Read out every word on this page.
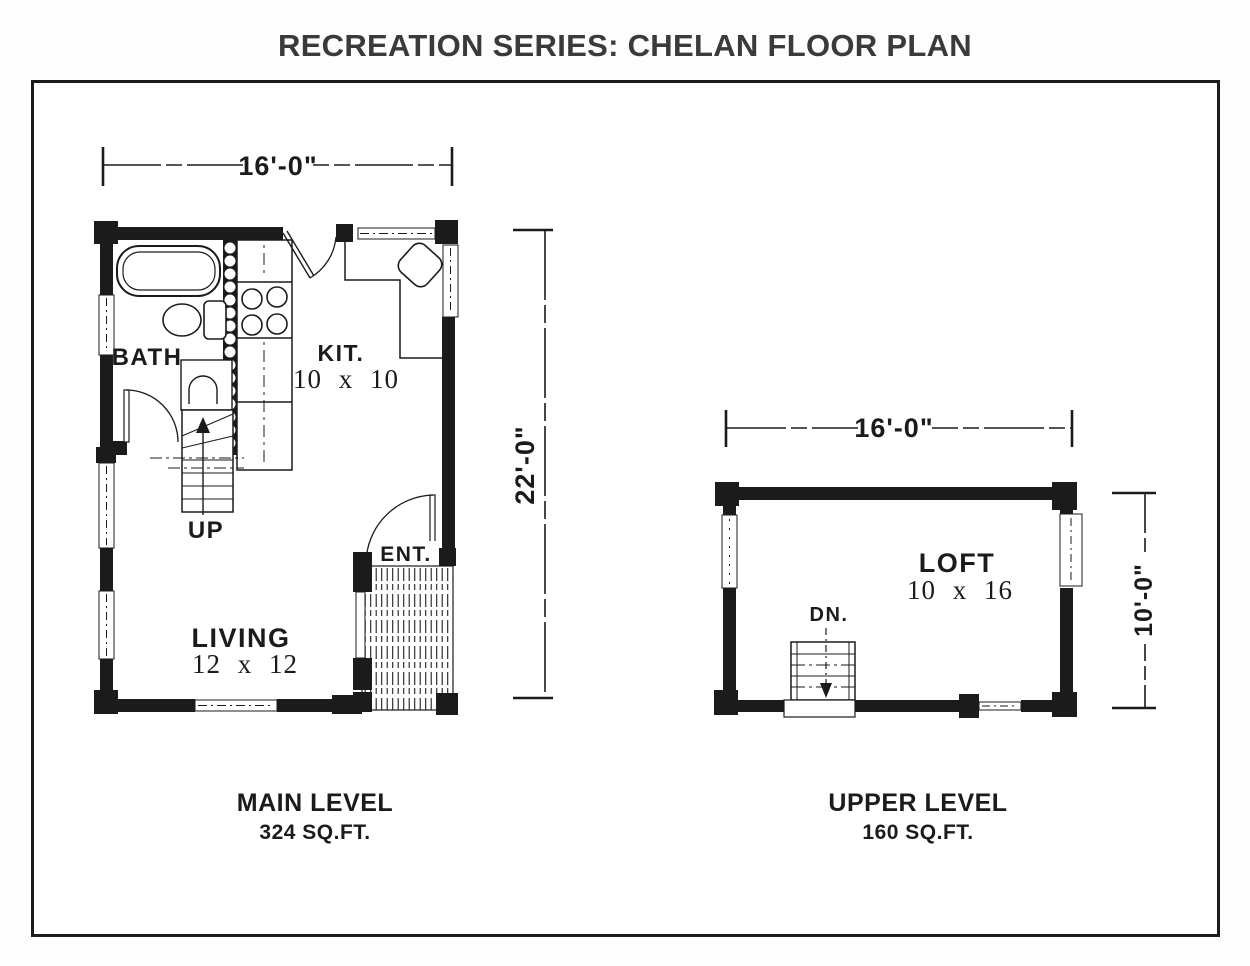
RECREATION SERIES: CHELAN FLOOR PLAN
16'-0"
22'-0"
BATH	KIT.
10 x 10
LIVING
12 x 12
ENT.
UP
16'-0"
10'-0"
LOFT
10 x 16
DN.
MAIN LEVEL
324 SQ.FT.
UPPER LEVEL
160 SQ.FT.
